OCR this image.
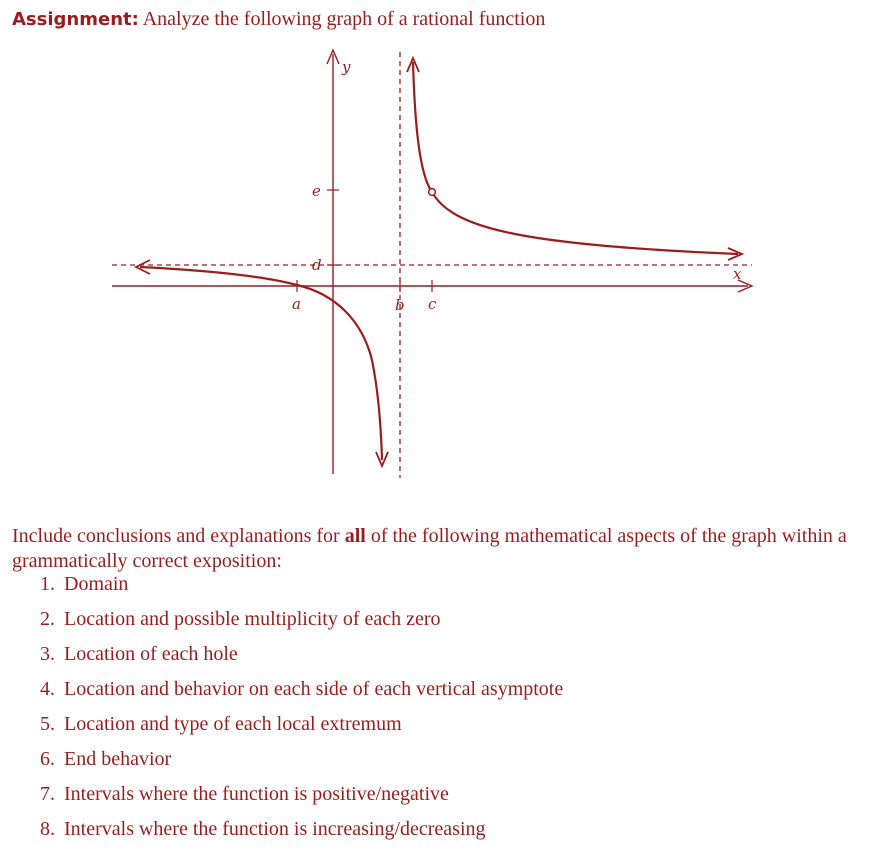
Assignment: Analyze the following graph of a rational function
y
x
e
d
a	b c

Include conclusions and explanations for all of the following mathematical aspects of the graph within a grammatically correct exposition:

1. Domain
2. Location and possible multiplicity of each zero
3. Location of each hole
4. Location and behavior on each side of each vertical asymptote
5. Location and type of each local extremum
6. End behavior
7. Intervals where the function is positive/negative
8. Intervals where the function is increasing/decreasing
